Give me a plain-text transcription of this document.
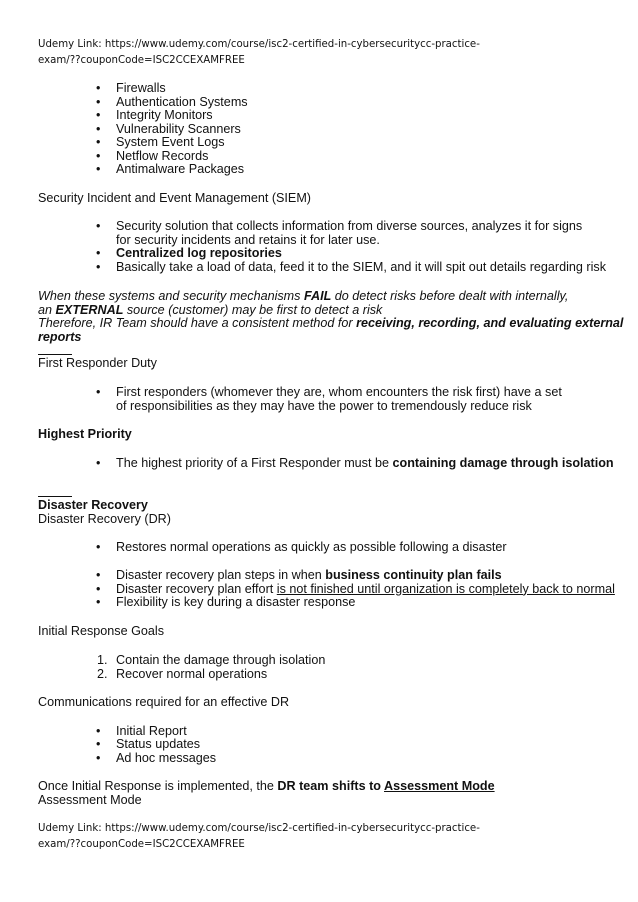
Udemy Link: https://www.udemy.com/course/isc2-certified-in-cybersecuritycc-practice-
exam/??couponCode=ISC2CCEXAMFREE
• Firewalls
• Authentication Systems
• Integrity Monitors
• Vulnerability Scanners
• System Event Logs
• Netflow Records
• Antimalware Packages
Security Incident and Event Management (SIEM)
• Security solution that collects information from diverse sources, analyzes it for signs for security incidents and retains it for later use.
• Centralized log repositories
• Basically take a load of data, feed it to the SIEM, and it will spit out details regarding risk
When these systems and security mechanisms FAIL do detect risks before dealt with internally,
an EXTERNAL source (customer) may be first to detect a risk
Therefore, IR Team should have a consistent method for receiving, recording, and evaluating external
reports
First Responder Duty
• First responders (whomever they are, whom encounters the risk first) have a set of responsibilities as they may have the power to tremendously reduce risk
Highest Priority
• The highest priority of a First Responder must be containing damage through isolation
Disaster Recovery
Disaster Recovery (DR)
• Restores normal operations as quickly as possible following a disaster
• Disaster recovery plan steps in when business continuity plan fails
• Disaster recovery plan effort is not finished until organization is completely back to normal
• Flexibility is key during a disaster response
Initial Response Goals
1. Contain the damage through isolation
2. Recover normal operations
Communications required for an effective DR
• Initial Report
• Status updates
• Ad hoc messages
Once Initial Response is implemented, the DR team shifts to Assessment Mode
Assessment Mode
Udemy Link: https://www.udemy.com/course/isc2-certified-in-cybersecuritycc-practice-
exam/??couponCode=ISC2CCEXAMFREE
